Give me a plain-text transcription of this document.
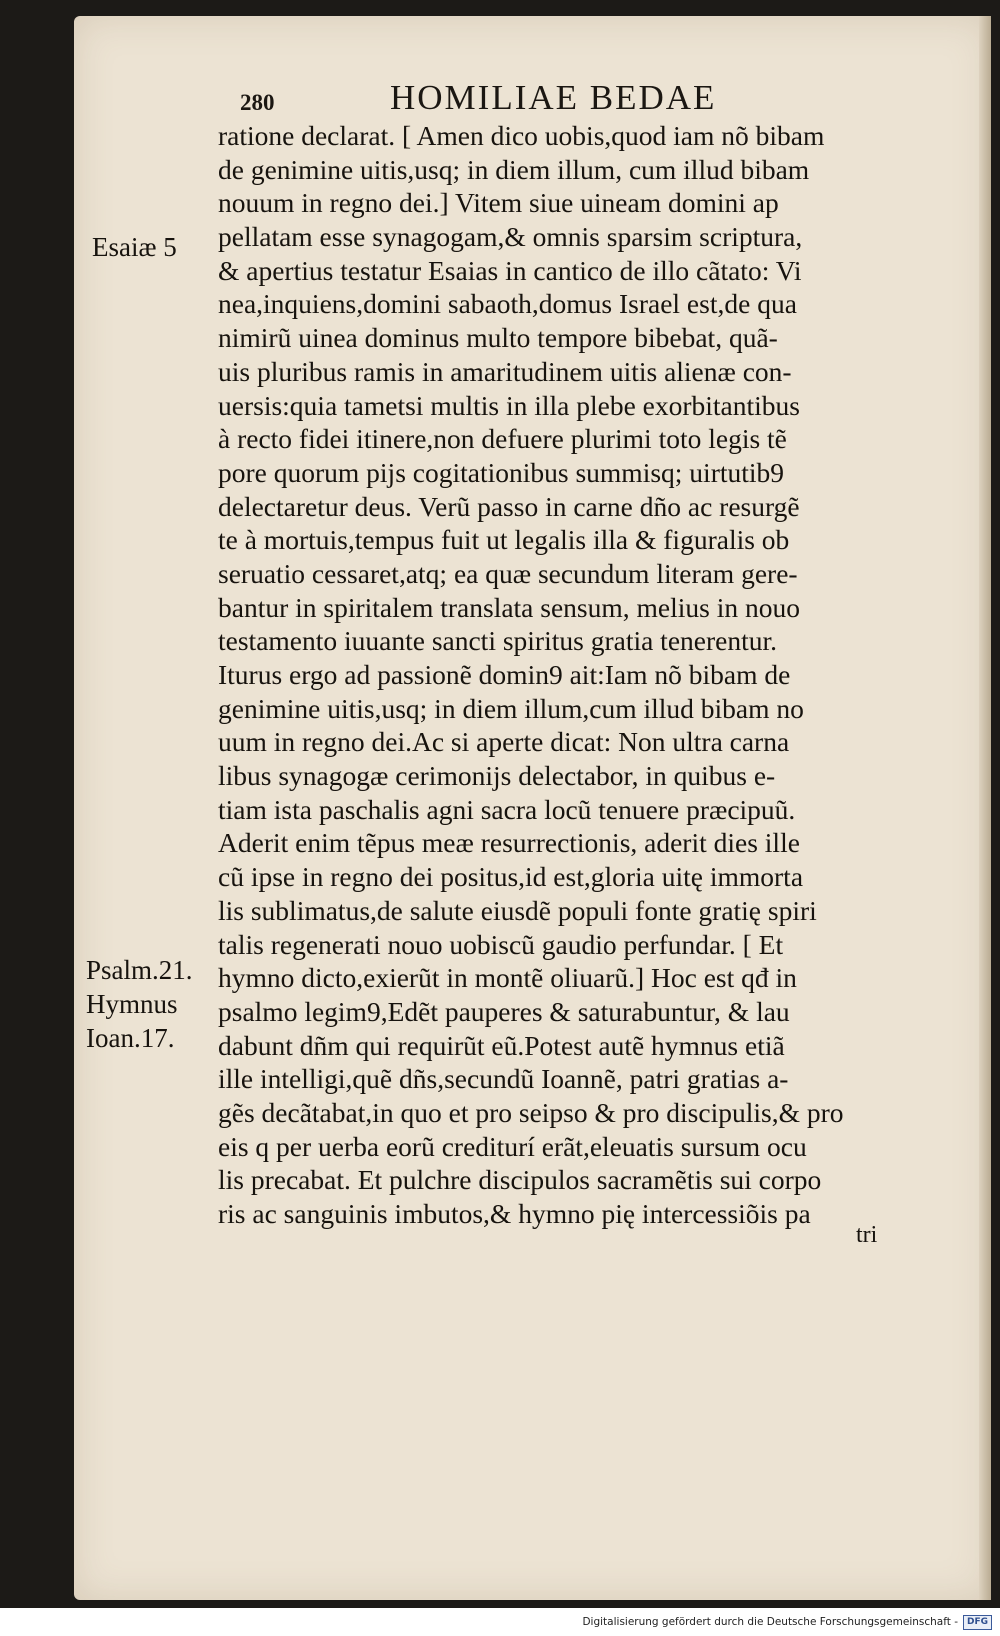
280	HOMILIAE BEDAE
Esaiæ 5
Psalm.21.
Hymnus
Ioan.17.
ratione declarat. [ Amen dico uobis,quod iam nõ bibam
de genimine uitis,usq; in diem illum, cum illud bibam
nouum in regno dei.] Vitem siue uineam domini ap
pellatam esse synagogam,& omnis sparsim scriptura,
& apertius testatur Esaias in cantico de illo cãtato: Vi
nea,inquiens,domini sabaoth,domus Israel est,de qua
nimirũ uinea dominus multo tempore bibebat, quã-
uis pluribus ramis in amaritudinem uitis alienæ con-
uersis:quia tametsi multis in illa plebe exorbitantibus
à recto fidei itinere,non defuere plurimi toto legis tẽ
pore quorum pijs cogitationibus summisq; uirtutib9
delectaretur deus. Verũ passo in carne dño ac resurgẽ
te à mortuis,tempus fuit ut legalis illa & figuralis ob
seruatio cessaret,atq; ea quæ secundum literam gere-
bantur in spiritalem translata sensum, melius in nouo
testamento iuuante sancti spiritus gratia tenerentur.
Iturus ergo ad passionẽ domin9 ait:Iam nõ bibam de
genimine uitis,usq; in diem illum,cum illud bibam no
uum in regno dei.Ac si aperte dicat: Non ultra carna
libus synagogæ cerimonijs delectabor, in quibus e-
tiam ista paschalis agni sacra locũ tenuere præcipuũ.
Aderit enim tẽpus meæ resurrectionis, aderit dies ille
cũ ipse in regno dei positus,id est,gloria uitę immorta
lis sublimatus,de salute eiusdẽ populi fonte gratię spiri
talis regenerati nouo uobiscũ gaudio perfundar. [ Et
hymno dicto,exierũt in montẽ oliuarũ.] Hoc est qđ in
psalmo legim9,Edẽt pauperes & saturabuntur, & lau
dabunt dñm qui requirũt eũ.Potest autẽ hymnus etiã
ille intelligi,quẽ dñs,secundũ Ioannẽ, patri gratias a-
gẽs decãtabat,in quo et pro seipso & pro discipulis,& pro
eis q per uerba eorũ crediturí erãt,eleuatis sursum ocu
lis precabat. Et pulchre discipulos sacramẽtis sui corpo
ris ac sanguinis imbutos,& hymno pię intercessiõis pa
tri
Digitalisierung gefördert durch die Deutsche Forschungsgemeinschaft -	DFG
